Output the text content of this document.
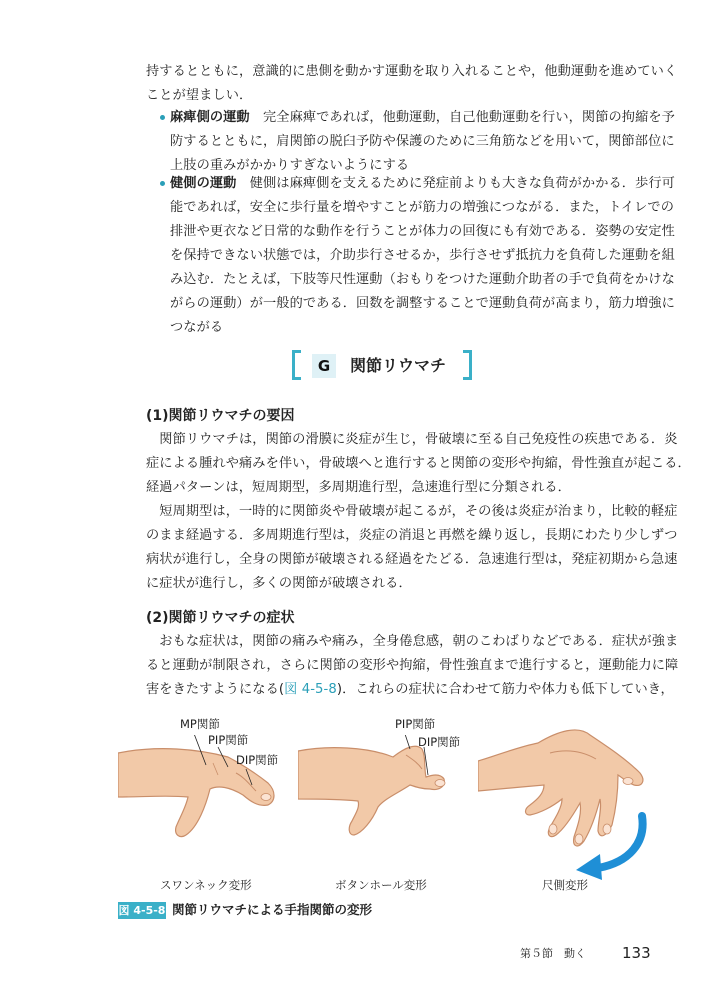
持するとともに，意識的に患側を動かす運動を取り入れることや，他動運動を進めていく
ことが望ましい．
麻痺側の運動　完全麻痺であれば，他動運動，自己他動運動を行い，関節の拘縮を予
防するとともに，肩関節の脱臼予防や保護のために三角筋などを用いて，関節部位に
上肢の重みがかかりすぎないようにする
健側の運動　健側は麻痺側を支えるために発症前よりも大きな負荷がかかる．歩行可
能であれば，安全に歩行量を増やすことが筋力の増強につながる．また，トイレでの
排泄や更衣など日常的な動作を行うことが体力の回復にも有効である．姿勢の安定性
を保持できない状態では，介助歩行させるか，歩行させず抵抗力を負荷した運動を組
み込む．たとえば，下肢等尺性運動（おもりをつけた運動介助者の手で負荷をかけな
がらの運動）が一般的である．回数を調整することで運動負荷が高まり，筋力増強に
つながる
G	関節リウマチ
(1)関節リウマチの要因
　関節リウマチは，関節の滑膜に炎症が生じ，骨破壊に至る自己免疫性の疾患である．炎
症による腫れや痛みを伴い，骨破壊へと進行すると関節の変形や拘縮，骨性強直が起こる．
経過パターンは，短周期型，多周期進行型，急速進行型に分類される．
　短周期型は，一時的に関節炎や骨破壊が起こるが，その後は炎症が治まり，比較的軽症
のまま経過する．多周期進行型は，炎症の消退と再燃を繰り返し，長期にわたり少しずつ
病状が進行し，全身の関節が破壊される経過をたどる．急速進行型は，発症初期から急速
に症状が進行し，多くの関節が破壊される．
(2)関節リウマチの症状
　おもな症状は，関節の痛みや痛み，全身倦怠感，朝のこわばりなどである．症状が強ま
ると運動が制限され，さらに関節の変形や拘縮，骨性強直まで進行すると，運動能力に障
害をきたすようになる(図 4-5-8)．これらの症状に合わせて筋力や体力も低下していき，
MP関節
PIP関節
DIP関節
PIP関節
DIP関節
スワンネック変形	ボタンホール変形	尺側変形
図 4-5-8 関節リウマチによる手指関節の変形
第５節　動く 133
